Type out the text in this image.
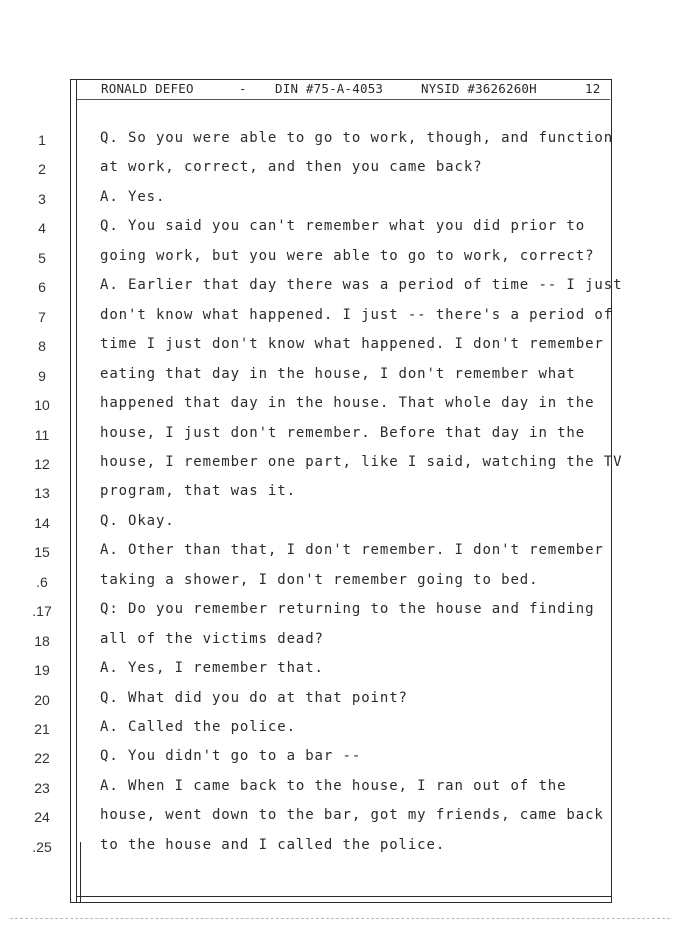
RONALD DEFEO	- DIN #75-A-4053	NYSID #3626260H	12
1	Q. So you were able to go to work, though, and function
2	at work, correct, and then you came back?
3	A. Yes.
4	Q. You said you can't remember what you did prior to
5	going work, but you were able to go to work, correct?
6	A. Earlier that day there was a period of time -- I just
7	don't know what happened. I just -- there's a period of
8	time I just don't know what happened. I don't remember
9	eating that day in the house, I don't remember what
10	happened that day in the house. That whole day in the
11	house, I just don't remember. Before that day in the
12	house, I remember one part, like I said, watching the TV
13	program, that was it.
14	Q. Okay.
15	A. Other than that, I don't remember. I don't remember
.6	taking a shower, I don't remember going to bed.
.17	Q: Do you remember returning to the house and finding
18	all of the victims dead?
19	A. Yes, I remember that.
20	Q. What did you do at that point?
21	A. Called the police.
22	Q. You didn't go to a bar --
23	A. When I came back to the house, I ran out of the
24	house, went down to the bar, got my friends, came back
.25	to the house and I called the police.
